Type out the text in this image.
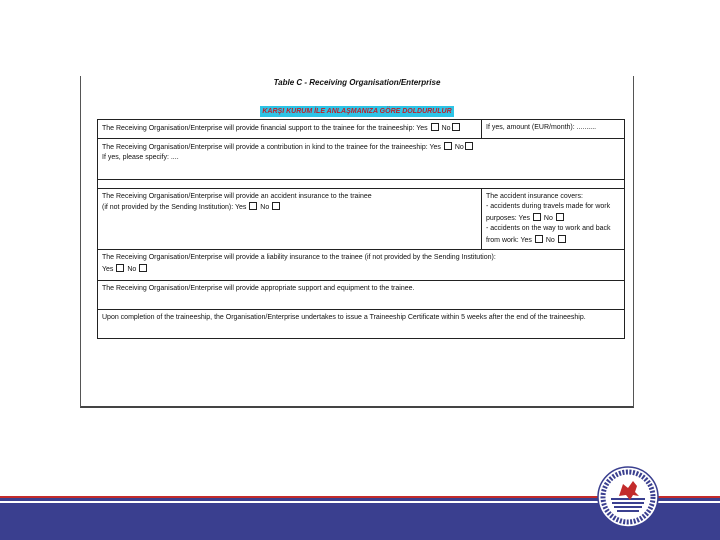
Table C - Receiving Organisation/Enterprise
KARŞI KURUM İLE ANLAŞMANIZA GÖRE DOLDURULUR
The Receiving Organisation/Enterprise will provide financial support to the trainee for the traineeship: Yes No	If yes, amount (EUR/month): ..........
The Receiving Organisation/Enterprise will provide a contribution in kind to the trainee for the traineeship: Yes No
If yes, please specify: ....	

The Receiving Organisation/Enterprise will provide an accident insurance to the trainee
(if not provided by the Sending Institution): Yes No	The accident insurance covers:
- accidents during travels made for work purposes: Yes No
- accidents on the way to work and back from work: Yes No
The Receiving Organisation/Enterprise will provide a liability insurance to the trainee (if not provided by the Sending Institution):
Yes No	
The Receiving Organisation/Enterprise will provide appropriate support and equipment to the trainee.	
Upon completion of the traineeship, the Organisation/Enterprise undertakes to issue a Traineeship Certificate within 5 weeks after the end of the traineeship.	
